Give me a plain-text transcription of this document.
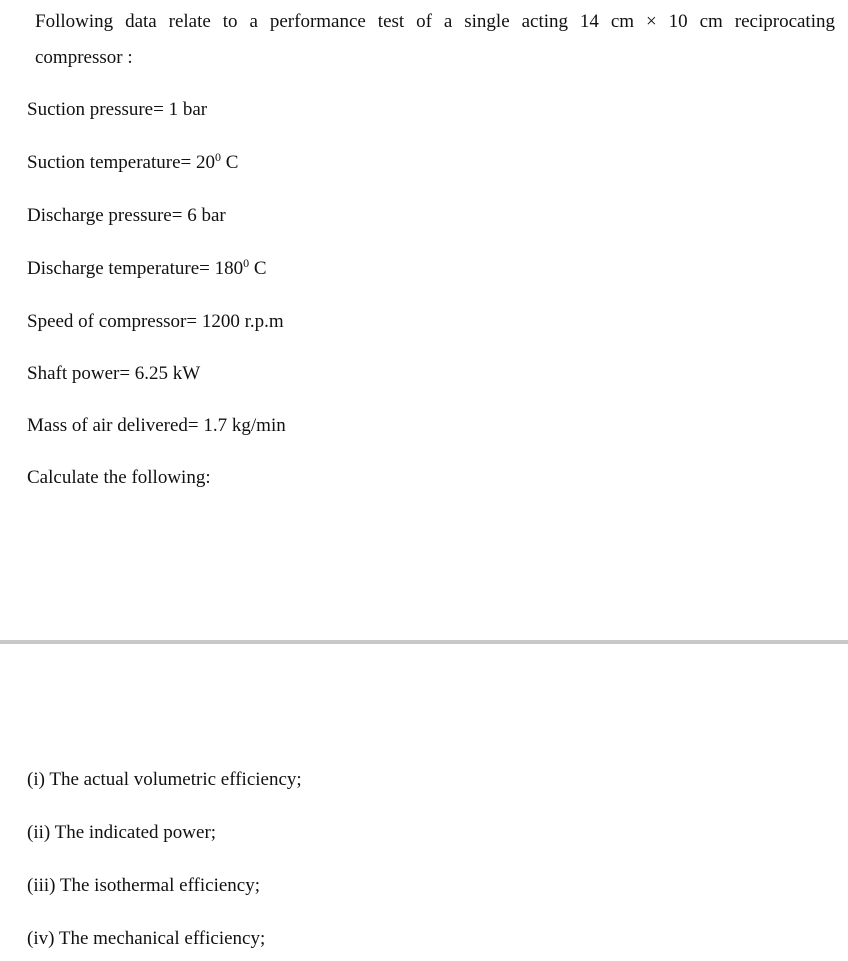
Following data relate to a performance test of a single acting 14 cm × 10 cm reciprocating
compressor :
Suction pressure= 1 bar
Suction temperature= $20^0$ C
Discharge pressure= 6 bar
Discharge temperature= $180^0$ C
Speed of compressor= 1200 r.p.m
Shaft power= 6.25 kW
Mass of air delivered= 1.7 kg/min
Calculate the following:
(i) The actual volumetric efficiency;
(ii) The indicated power;
(iii) The isothermal efficiency;
(iv) The mechanical efficiency;
